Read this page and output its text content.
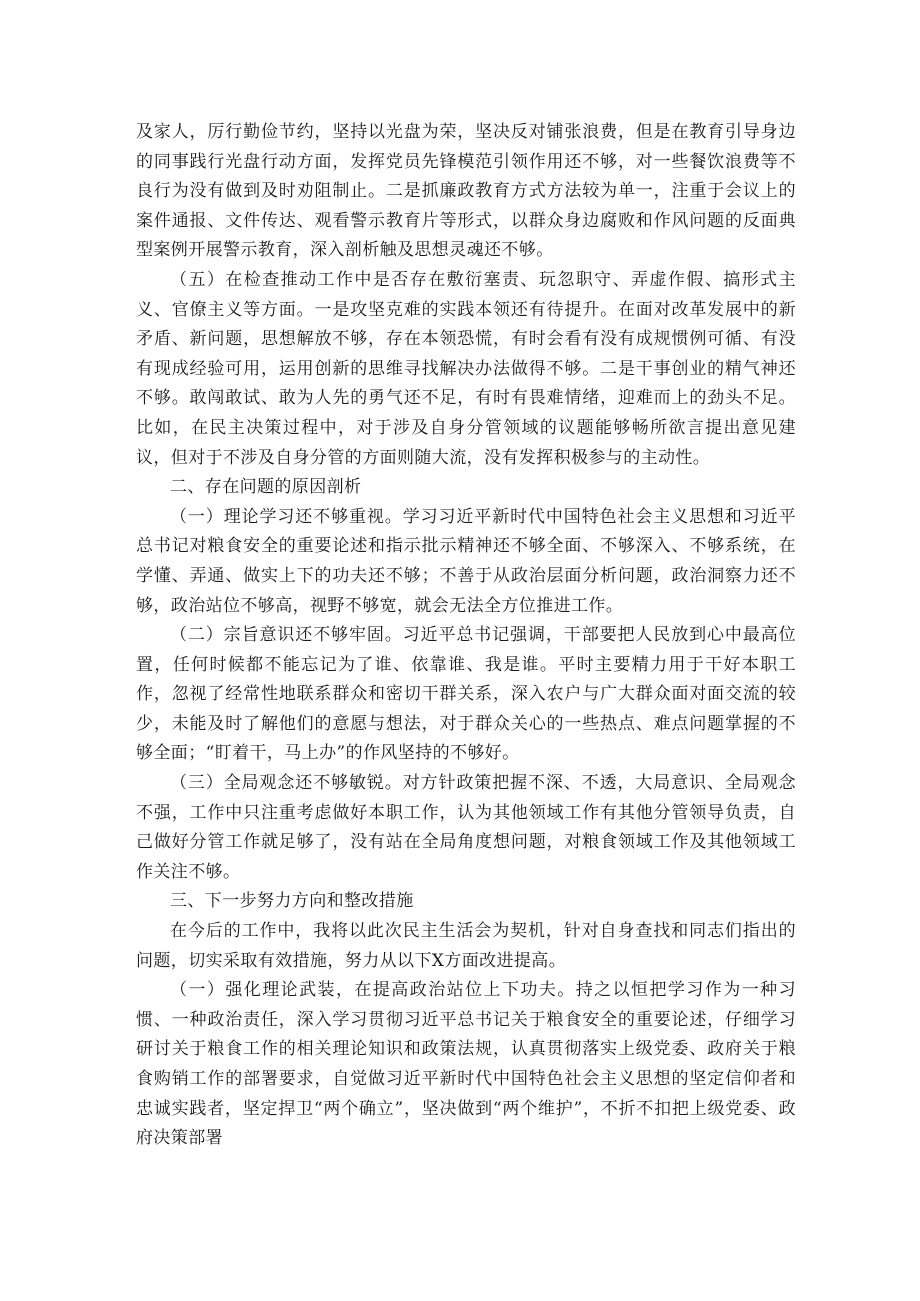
及家人，厉行勤俭节约，坚持以光盘为荣，坚决反对铺张浪费，但是在教育引导身边的同事践行光盘行动方面，发挥党员先锋模范引领作用还不够，对一些餐饮浪费等不良行为没有做到及时劝阻制止。二是抓廉政教育方式方法较为单一，注重于会议上的案件通报、文件传达、观看警示教育片等形式，以群众身边腐败和作风问题的反面典型案例开展警示教育，深入剖析触及思想灵魂还不够。

（五）在检查推动工作中是否存在敷衍塞责、玩忽职守、弄虚作假、搞形式主义、官僚主义等方面。一是攻坚克难的实践本领还有待提升。在面对改革发展中的新矛盾、新问题，思想解放不够，存在本领恐慌，有时会看有没有成规惯例可循、有没有现成经验可用，运用创新的思维寻找解决办法做得不够。二是干事创业的精气神还不够。敢闯敢试、敢为人先的勇气还不足，有时有畏难情绪，迎难而上的劲头不足。比如，在民主决策过程中，对于涉及自身分管领域的议题能够畅所欲言提出意见建议，但对于不涉及自身分管的方面则随大流，没有发挥积极参与的主动性。

二、存在问题的原因剖析

（一）理论学习还不够重视。学习习近平新时代中国特色社会主义思想和习近平总书记对粮食安全的重要论述和指示批示精神还不够全面、不够深入、不够系统，在学懂、弄通、做实上下的功夫还不够；不善于从政治层面分析问题，政治洞察力还不够，政治站位不够高，视野不够宽，就会无法全方位推进工作。

（二）宗旨意识还不够牢固。习近平总书记强调，干部要把人民放到心中最高位置，任何时候都不能忘记为了谁、依靠谁、我是谁。平时主要精力用于干好本职工作，忽视了经常性地联系群众和密切干群关系，深入农户与广大群众面对面交流的较少，未能及时了解他们的意愿与想法，对于群众关心的一些热点、难点问题掌握的不够全面；“盯着干，马上办”的作风坚持的不够好。

（三）全局观念还不够敏锐。对方针政策把握不深、不透，大局意识、全局观念不强，工作中只注重考虑做好本职工作，认为其他领域工作有其他分管领导负责，自己做好分管工作就足够了，没有站在全局角度想问题，对粮食领域工作及其他领域工作关注不够。

三、下一步努力方向和整改措施

在今后的工作中，我将以此次民主生活会为契机，针对自身查找和同志们指出的问题，切实采取有效措施，努力从以下X方面改进提高。

（一）强化理论武装，在提高政治站位上下功夫。持之以恒把学习作为一种习惯、一种政治责任，深入学习贯彻习近平总书记关于粮食安全的重要论述，仔细学习研讨关于粮食工作的相关理论知识和政策法规，认真贯彻落实上级党委、政府关于粮食购销工作的部署要求，自觉做习近平新时代中国特色社会主义思想的坚定信仰者和忠诚实践者，坚定捍卫“两个确立”，坚决做到“两个维护”，不折不扣把上级党委、政府决策部署
